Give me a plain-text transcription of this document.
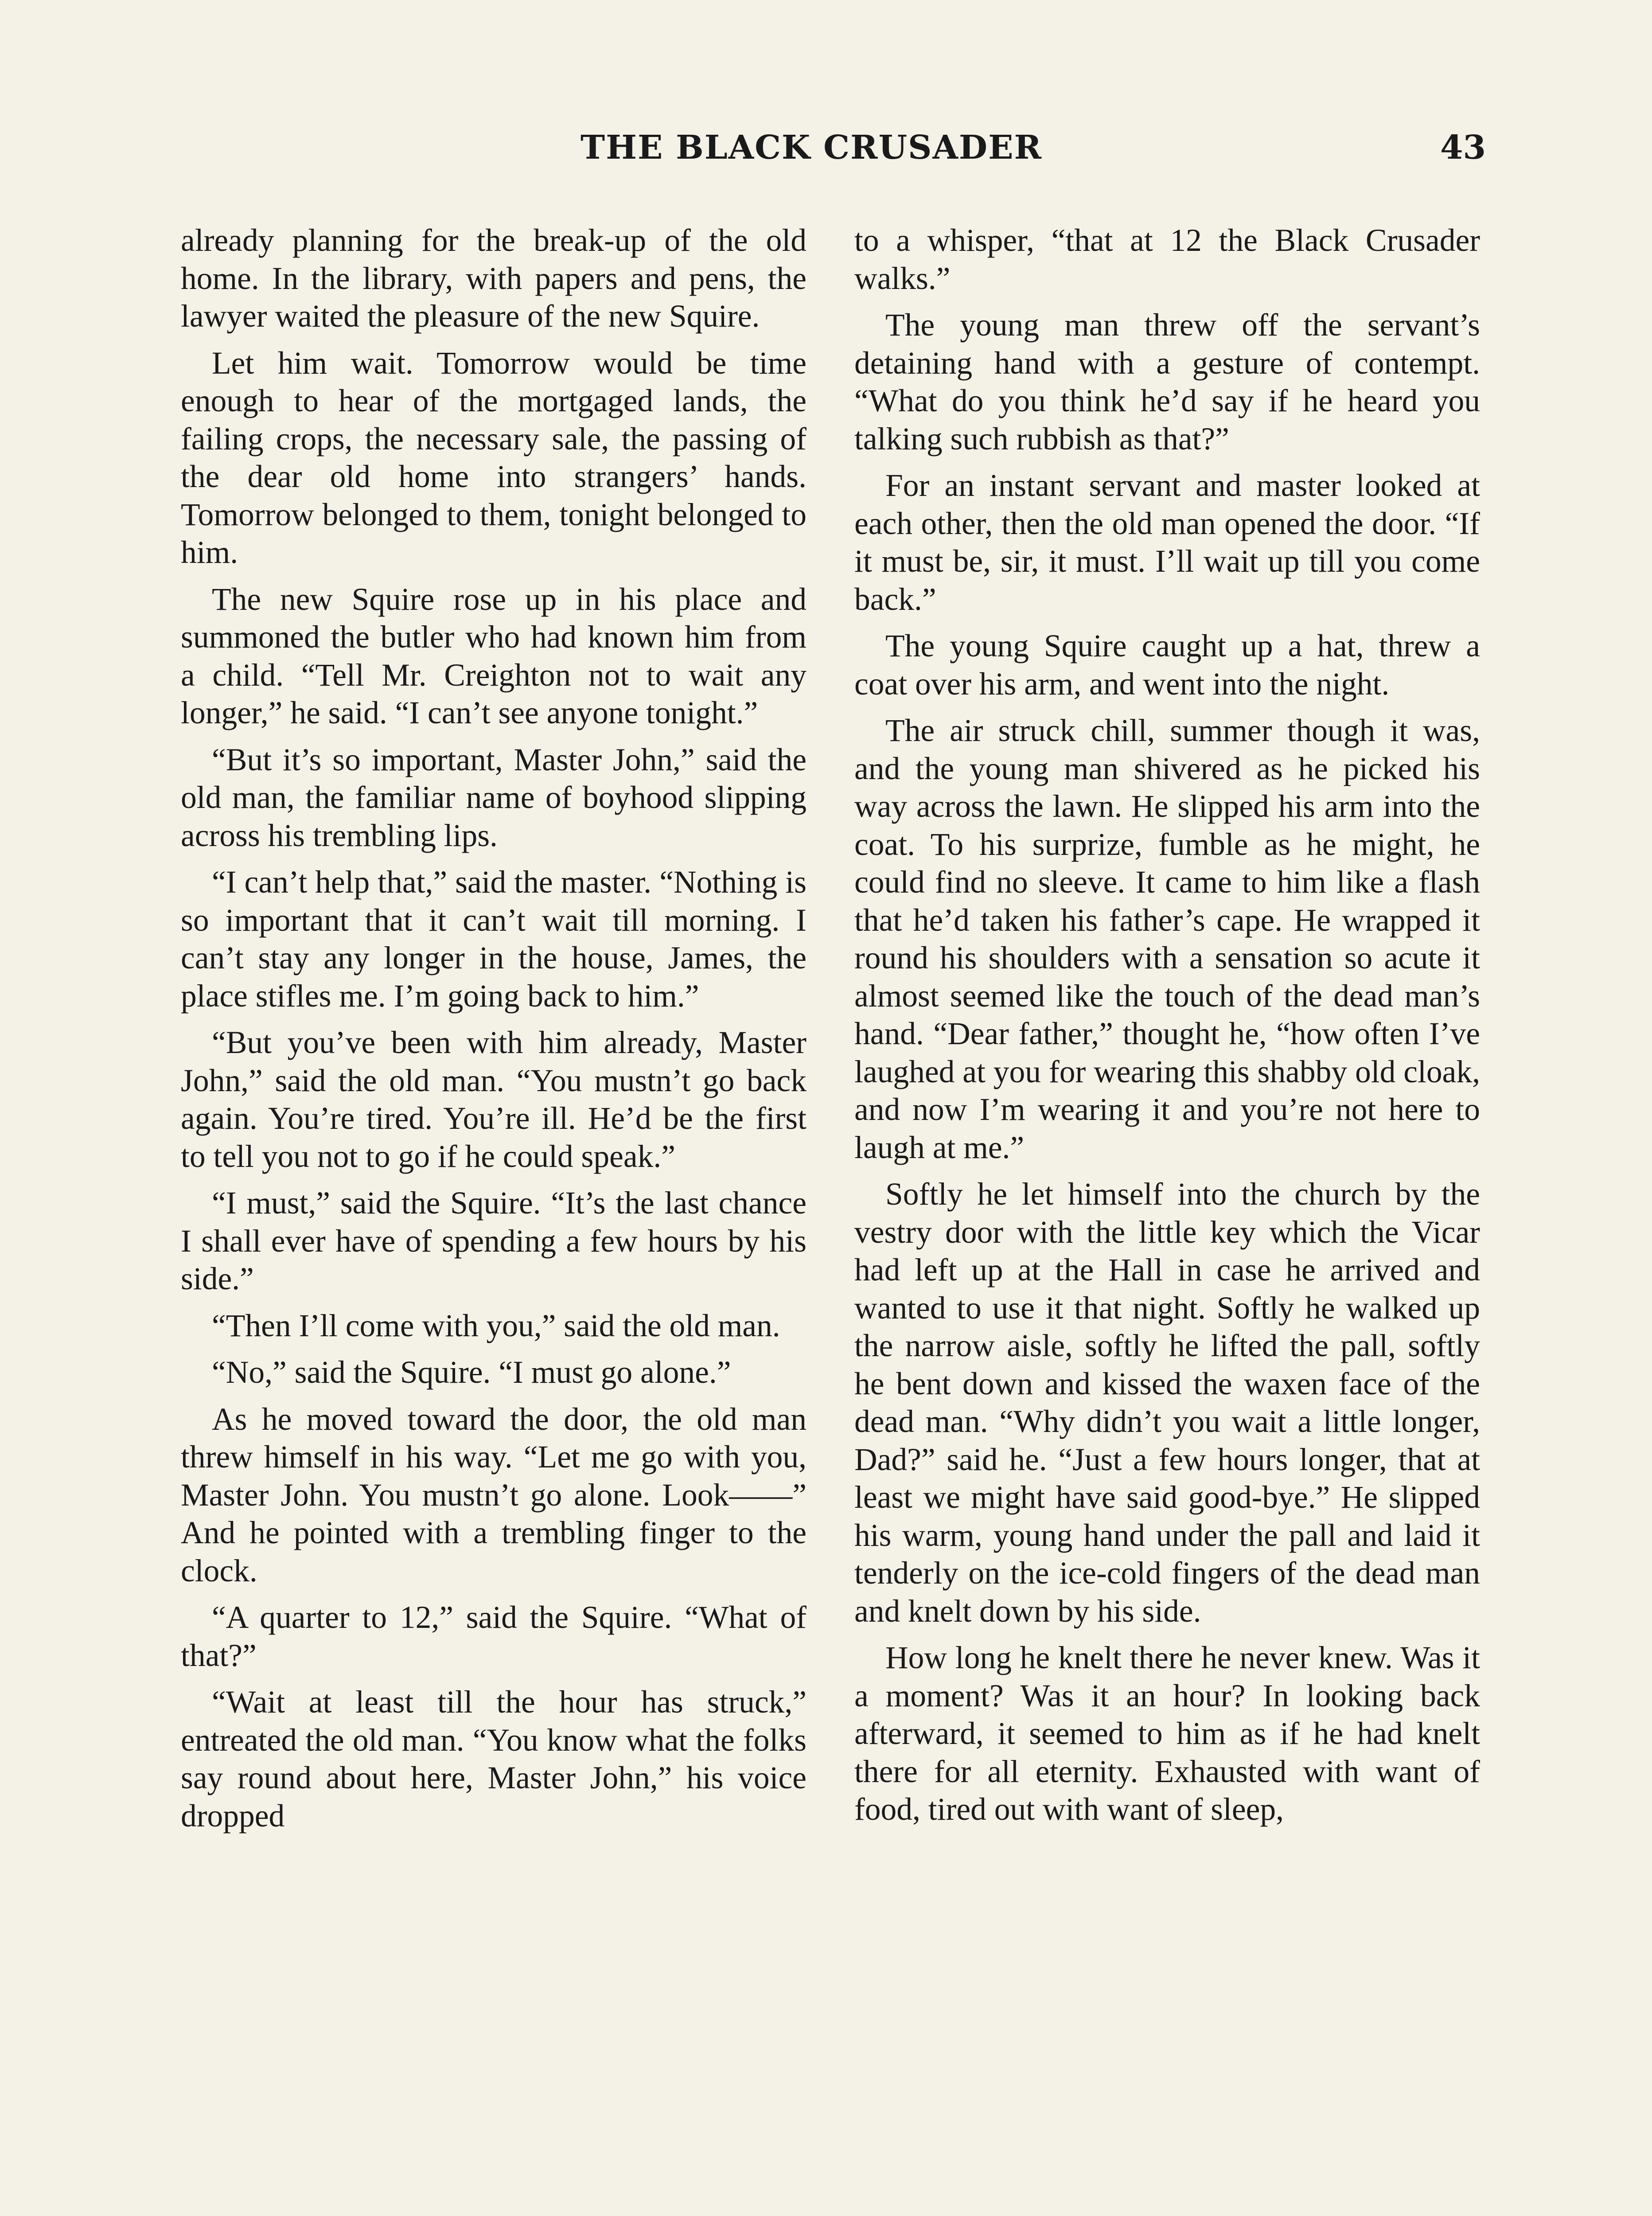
THE BLACK CRUSADER	43

already planning for the break-up of the old home. In the library, with papers and pens, the lawyer waited the pleasure of the new Squire.

Let him wait. Tomorrow would be time enough to hear of the mortgaged lands, the failing crops, the necessary sale, the passing of the dear old home into strangers’ hands. Tomorrow belonged to them, tonight belonged to him.

The new Squire rose up in his place and summoned the butler who had known him from a child. “Tell Mr. Creighton not to wait any longer,” he said. “I can’t see anyone tonight.”

“But it’s so important, Master John,” said the old man, the familiar name of boyhood slipping across his trembling lips.

“I can’t help that,” said the master. “Nothing is so important that it can’t wait till morning. I can’t stay any longer in the house, James, the place stifles me. I’m going back to him.”

“But you’ve been with him already, Master John,” said the old man. “You mustn’t go back again. You’re tired. You’re ill. He’d be the first to tell you not to go if he could speak.”

“I must,” said the Squire. “It’s the last chance I shall ever have of spending a few hours by his side.”

“Then I’ll come with you,” said the old man.

“No,” said the Squire. “I must go alone.”

As he moved toward the door, the old man threw himself in his way. “Let me go with you, Master John. You mustn’t go alone. Look——” And he pointed with a trembling finger to the clock.

“A quarter to 12,” said the Squire. “What of that?”

“Wait at least till the hour has struck,” entreated the old man. “You know what the folks say round about here, Master John,” his voice dropped

to a whisper, “that at 12 the Black Crusader walks.”

The young man threw off the servant’s detaining hand with a gesture of contempt. “What do you think he’d say if he heard you talking such rubbish as that?”

For an instant servant and master looked at each other, then the old man opened the door. “If it must be, sir, it must. I’ll wait up till you come back.”

The young Squire caught up a hat, threw a coat over his arm, and went into the night.

The air struck chill, summer though it was, and the young man shivered as he picked his way across the lawn. He slipped his arm into the coat. To his surprize, fumble as he might, he could find no sleeve. It came to him like a flash that he’d taken his father’s cape. He wrapped it round his shoulders with a sensation so acute it almost seemed like the touch of the dead man’s hand. “Dear father,” thought he, “how often I’ve laughed at you for wearing this shabby old cloak, and now I’m wearing it and you’re not here to laugh at me.”

Softly he let himself into the church by the vestry door with the little key which the Vicar had left up at the Hall in case he arrived and wanted to use it that night. Softly he walked up the narrow aisle, softly he lifted the pall, softly he bent down and kissed the waxen face of the dead man. “Why didn’t you wait a little longer, Dad?” said he. “Just a few hours longer, that at least we might have said good-bye.” He slipped his warm, young hand under the pall and laid it tenderly on the ice-cold fingers of the dead man and knelt down by his side.

How long he knelt there he never knew. Was it a moment? Was it an hour? In looking back afterward, it seemed to him as if he had knelt there for all eternity. Exhausted with want of food, tired out with want of sleep,
